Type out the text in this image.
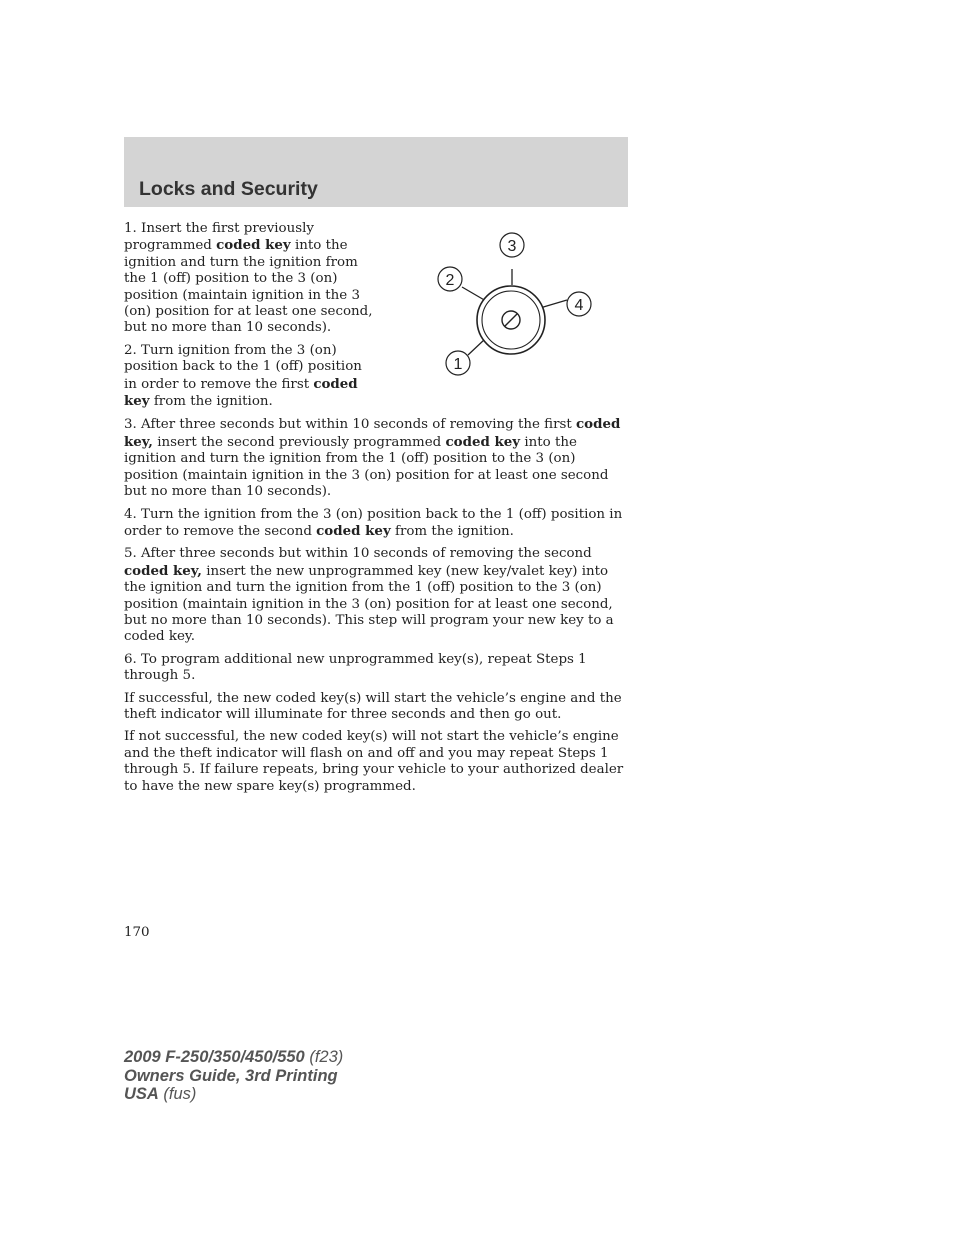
Locks and Security

1. Insert the first previously programmed coded key into the ignition and turn the ignition from the 1 (off) position to the 3 (on) position (maintain ignition in the 3 (on) position for at least one second, but no more than 10 seconds).

2. Turn ignition from the 3 (on) position back to the 1 (off) position in order to remove the first coded key from the ignition.

3. After three seconds but within 10 seconds of removing the first coded key, insert the second previously programmed coded key into the ignition and turn the ignition from the 1 (off) position to the 3 (on) position (maintain ignition in the 3 (on) position for at least one second but no more than 10 seconds).

4. Turn the ignition from the 3 (on) position back to the 1 (off) position in order to remove the second coded key from the ignition.

5. After three seconds but within 10 seconds of removing the second coded key, insert the new unprogrammed key (new key/valet key) into the ignition and turn the ignition from the 1 (off) position to the 3 (on) position (maintain ignition in the 3 (on) position for at least one second, but no more than 10 seconds). This step will program your new key to a coded key.

6. To program additional new unprogrammed key(s), repeat Steps 1 through 5.

If successful, the new coded key(s) will start the vehicle’s engine and the theft indicator will illuminate for three seconds and then go out.

If not successful, the new coded key(s) will not start the vehicle’s engine and the theft indicator will flash on and off and you may repeat Steps 1 through 5. If failure repeats, bring your vehicle to your authorized dealer to have the new spare key(s) programmed.

3
2
4
1
170
2009 F-250/350/450/550 (f23)
Owners Guide, 3rd Printing
USA (fus)
